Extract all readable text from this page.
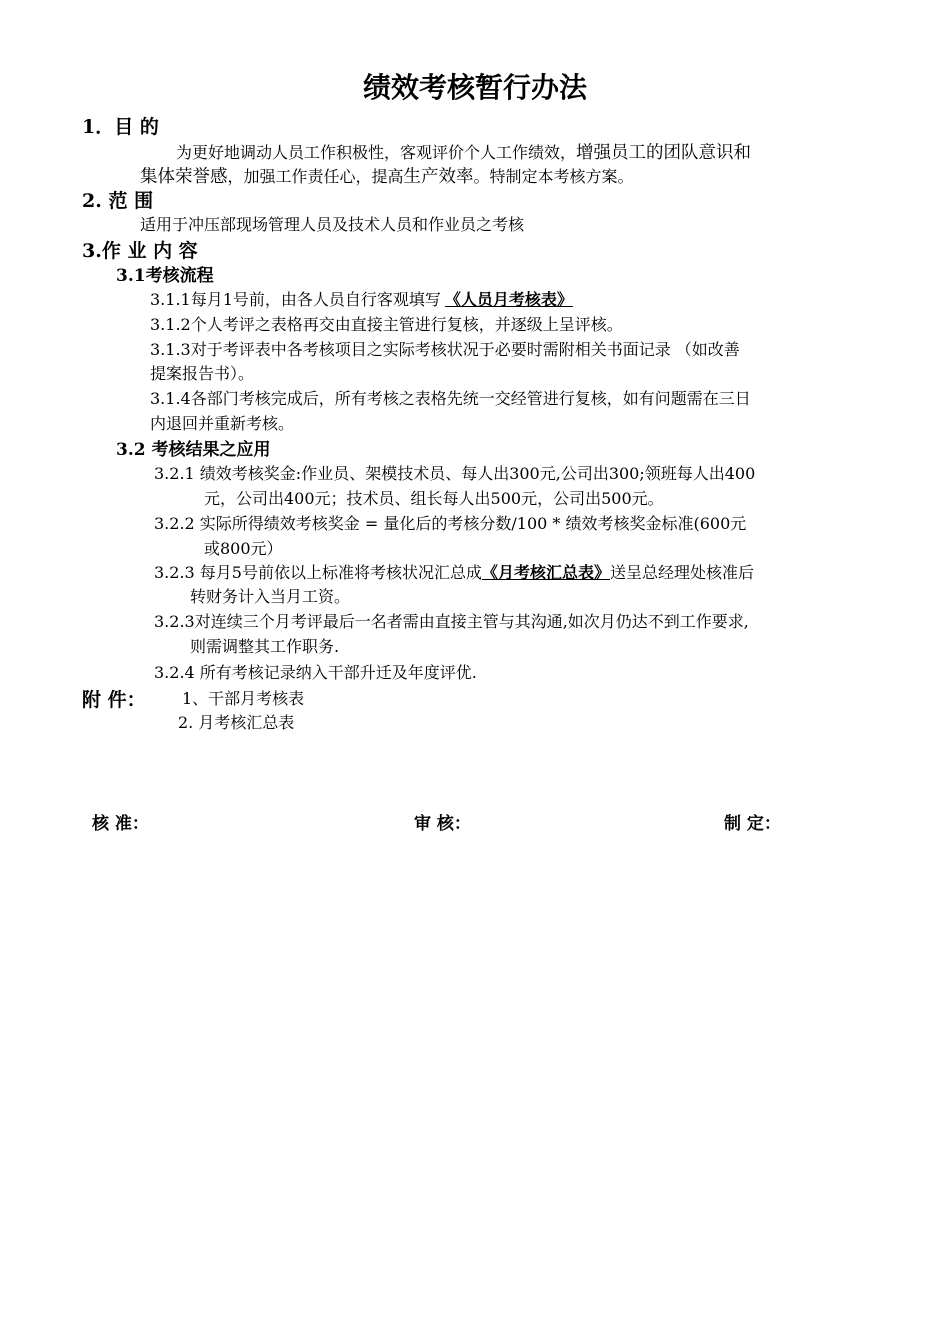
绩效考核暂行办法
1．目 的
为更好地调动人员工作积极性，客观评价个人工作绩效，增强员工的团队意识和
集体荣誉感，加强工作责任心，提高生产效率。特制定本考核方案。
2. 范 围
适用于冲压部现场管理人员及技术人员和作业员之考核
3.作 业 内 容
3.1考核流程
3.1.1每月1号前，由各人员自行客观填写 《人员月考核表》
3.1.2个人考评之表格再交由直接主管进行复核，并逐级上呈评核。
3.1.3对于考评表中各考核项目之实际考核状况于必要时需附相关书面记录 （如改善
提案报告书）。
3.1.4各部门考核完成后，所有考核之表格先统一交经管进行复核，如有问题需在三日
内退回并重新考核。
3.2 考核结果之应用
3.2.1 绩效考核奖金:作业员、架模技术员、每人出300元,公司出300;领班每人出400
元，公司出400元；技术员、组长每人出500元，公司出500元。
3.2.2 实际所得绩效考核奖金 = 量化后的考核分数/100 * 绩效考核奖金标准(600元
或800元）
3.2.3 每月5号前依以上标准将考核状况汇总成《月考核汇总表》送呈总经理处核准后
转财务计入当月工资。
3.2.3对连续三个月考评最后一名者需由直接主管与其沟通,如次月仍达不到工作要求,
则需调整其工作职务.
3.2.4 所有考核记录纳入干部升迁及年度评优.
附 件： 1、干部月考核表
2. 月考核汇总表
核 准：	审 核：	制 定：
